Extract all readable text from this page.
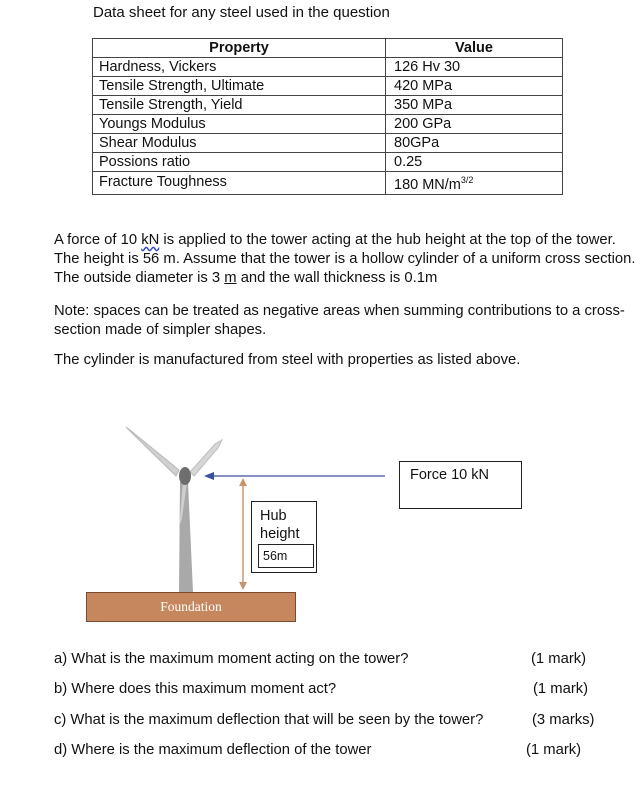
Data sheet for any steel used in the question
Property	Value
Hardness, Vickers	126 Hv 30
Tensile Strength, Ultimate	420 MPa
Tensile Strength, Yield	350 MPa
Youngs Modulus	200 GPa
Shear Modulus	80GPa
Possions ratio	0.25
Fracture Toughness	180 $MN/m^{3/2}$
A force of 10 kN is applied to the tower acting at the hub height at the top of the tower. The height is 56 m. Assume that the tower is a hollow cylinder of a uniform cross section. The outside diameter is 3 m and the wall thickness is 0.1m
Note: spaces can be treated as negative areas when summing contributions to a cross-section made of simpler shapes.
The cylinder is manufactured from steel with properties as listed above.
Force 10 kN
Hub
height
56m
Foundation
a) What is the maximum moment acting on the tower?	(1 mark)
b) Where does this maximum moment act?	(1 mark)
c) What is the maximum deflection that will be seen by the tower?	(3 marks)
d) Where is the maximum deflection of the tower	(1 mark)
